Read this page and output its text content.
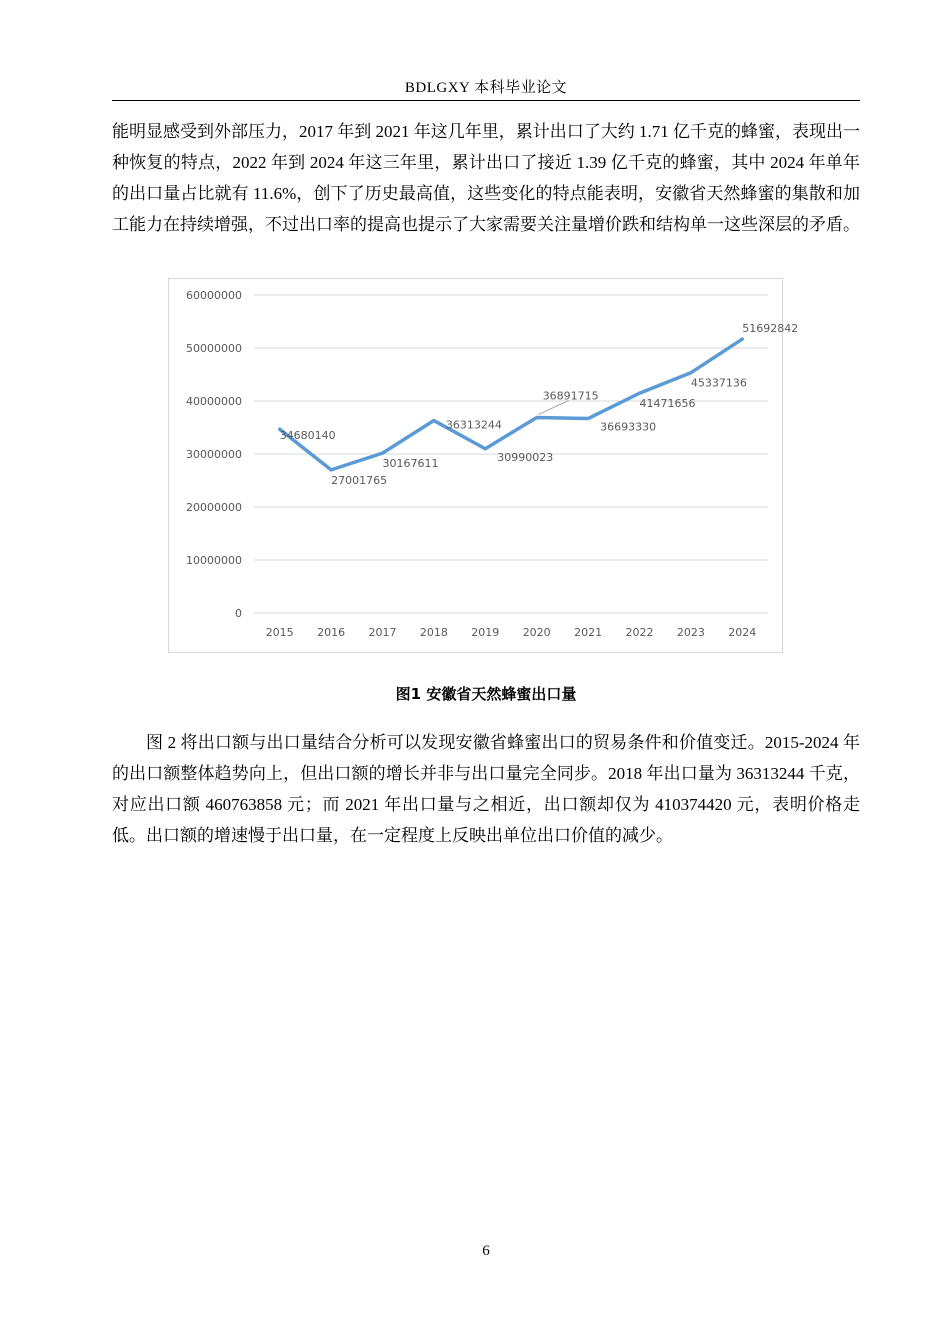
BDLGXY 本科毕业论文

能明显感受到外部压力，2017 年到 2021 年这几年里，累计出口了大约 1.71 亿千克的蜂蜜，表现出一种恢复的特点，2022 年到 2024 年这三年里，累计出口了接近 1.39 亿千克的蜂蜜，其中 2024 年单年的出口量占比就有 11.6%，创下了历史最高值，这些变化的特点能表明，安徽省天然蜂蜜的集散和加工能力在持续增强，不过出口率的提高也提示了大家需要关注量增价跌和结构单一这些深层的矛盾。

0
10000000
20000000
30000000
40000000
50000000
60000000
2015 2016 2017 2018 2019 2020 2021 2022 2023 2024
34680140
27001765
30167611
36313244
30990023
36891715
36693330
41471656
45337136
51692842
图1 安徽省天然蜂蜜出口量

图 2 将出口额与出口量结合分析可以发现安徽省蜂蜜出口的贸易条件和价值变迁。2015-2024 年的出口额整体趋势向上，但出口额的增长并非与出口量完全同步。2018 年出口量为 36313244 千克，对应出口额 460763858 元；而 2021 年出口量与之相近，出口额却仅为 410374420 元，表明价格走低。出口额的增速慢于出口量，在一定程度上反映出单位出口价值的减少。

6
